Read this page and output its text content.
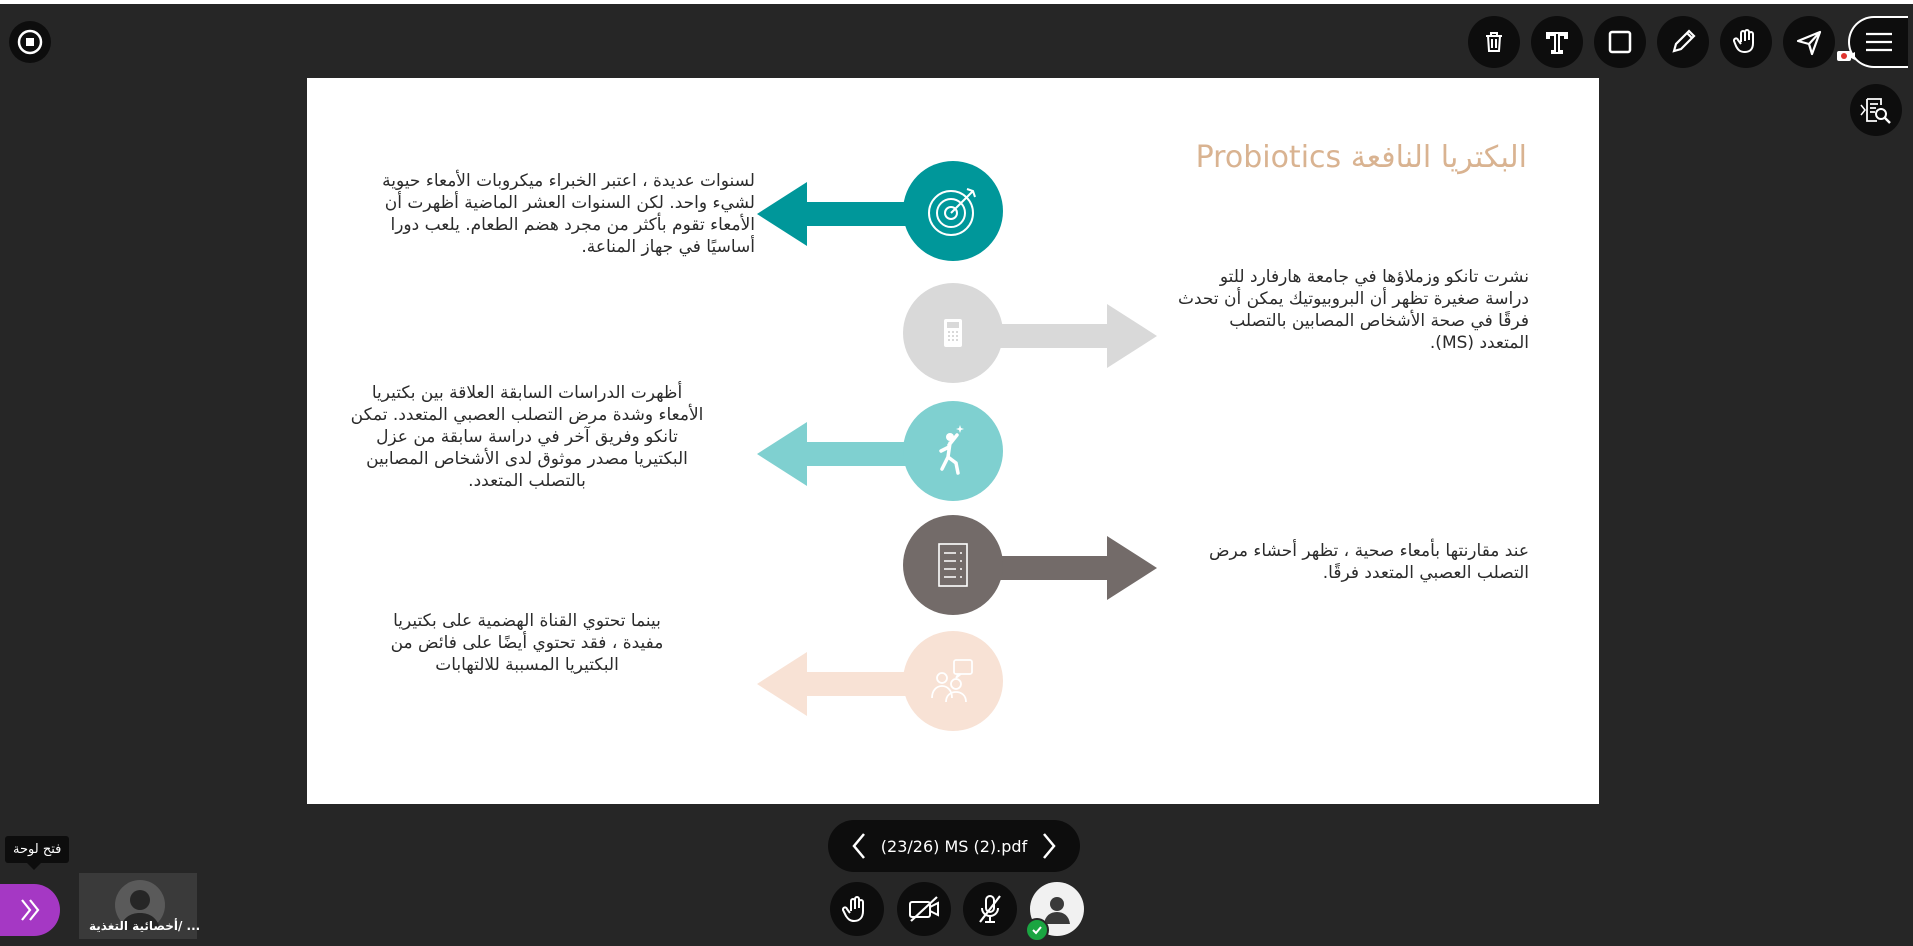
Probiotics البكتريا النافعة
لسنوات عديدة ، اعتبر الخبراء ميكروبات الأمعاء حيوية لشيء واحد. لكن السنوات العشر الماضية أظهرت أن الأمعاء تقوم بأكثر من مجرد هضم الطعام. يلعب دورا أساسيًا في جهاز المناعة.
نشرت تانكو وزملاؤها في جامعة هارفارد للتو دراسة صغيرة تظهر أن البروبيوتيك يمكن أن تحدث فرقًا في صحة الأشخاص المصابين بالتصلب المتعدد (MS).
أظهرت الدراسات السابقة العلاقة بين بكتيريا الأمعاء وشدة مرض التصلب العصبي المتعدد. تمكن تانكو وفريق آخر في دراسة سابقة من عزل البكتيريا مصدر موثوق لدى الأشخاص المصابين بالتصلب المتعدد.
عند مقارنتها بأمعاء صحية ، تظهر أحشاء مرض التصلب العصبي المتعدد فرقًا.
بينما تحتوي القناة الهضمية على بكتيريا مفيدة ، فقد تحتوي أيضًا على فائض من البكتيريا المسببة للالتهابات
(23/26) MS (2).pdf
فتح لوحة
أخصائية التغذية/ ...
